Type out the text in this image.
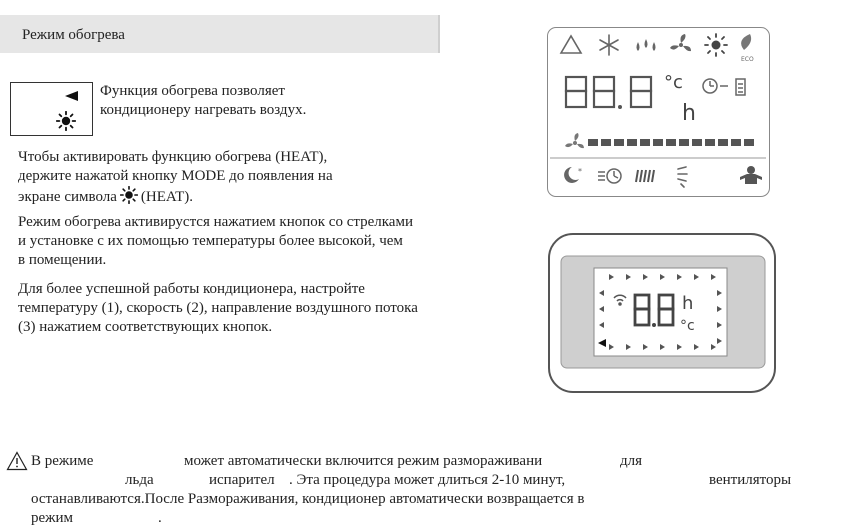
Режим обогрева

Функция обогрева позволяет кондиционеру нагревать воздух.

Чтобы активировать функцию обогрева (HEAT), держите нажатой кнопку MODE до появления на экране символа (HEAT).

Режим обогрева активирустся нажатием кнопок со стрелками и установке с их помощью температуры более высокой, чем в помещении.

Для более успешной работы кондиционера, настройте температуру (1), скорость (2), направление воздушного потока (3) нажатием соответствующих кнопок.

ECO
88.8
°c
h
*
8.8
h
°c
В режиме	может автоматически включится режим разморaживани	для
льда	испарител . Эта процедура может длиться 2-10 минут,	вентиляторы
останавливаются.После Размораживания, кондиционер автоматически возвращается в
режим	.
